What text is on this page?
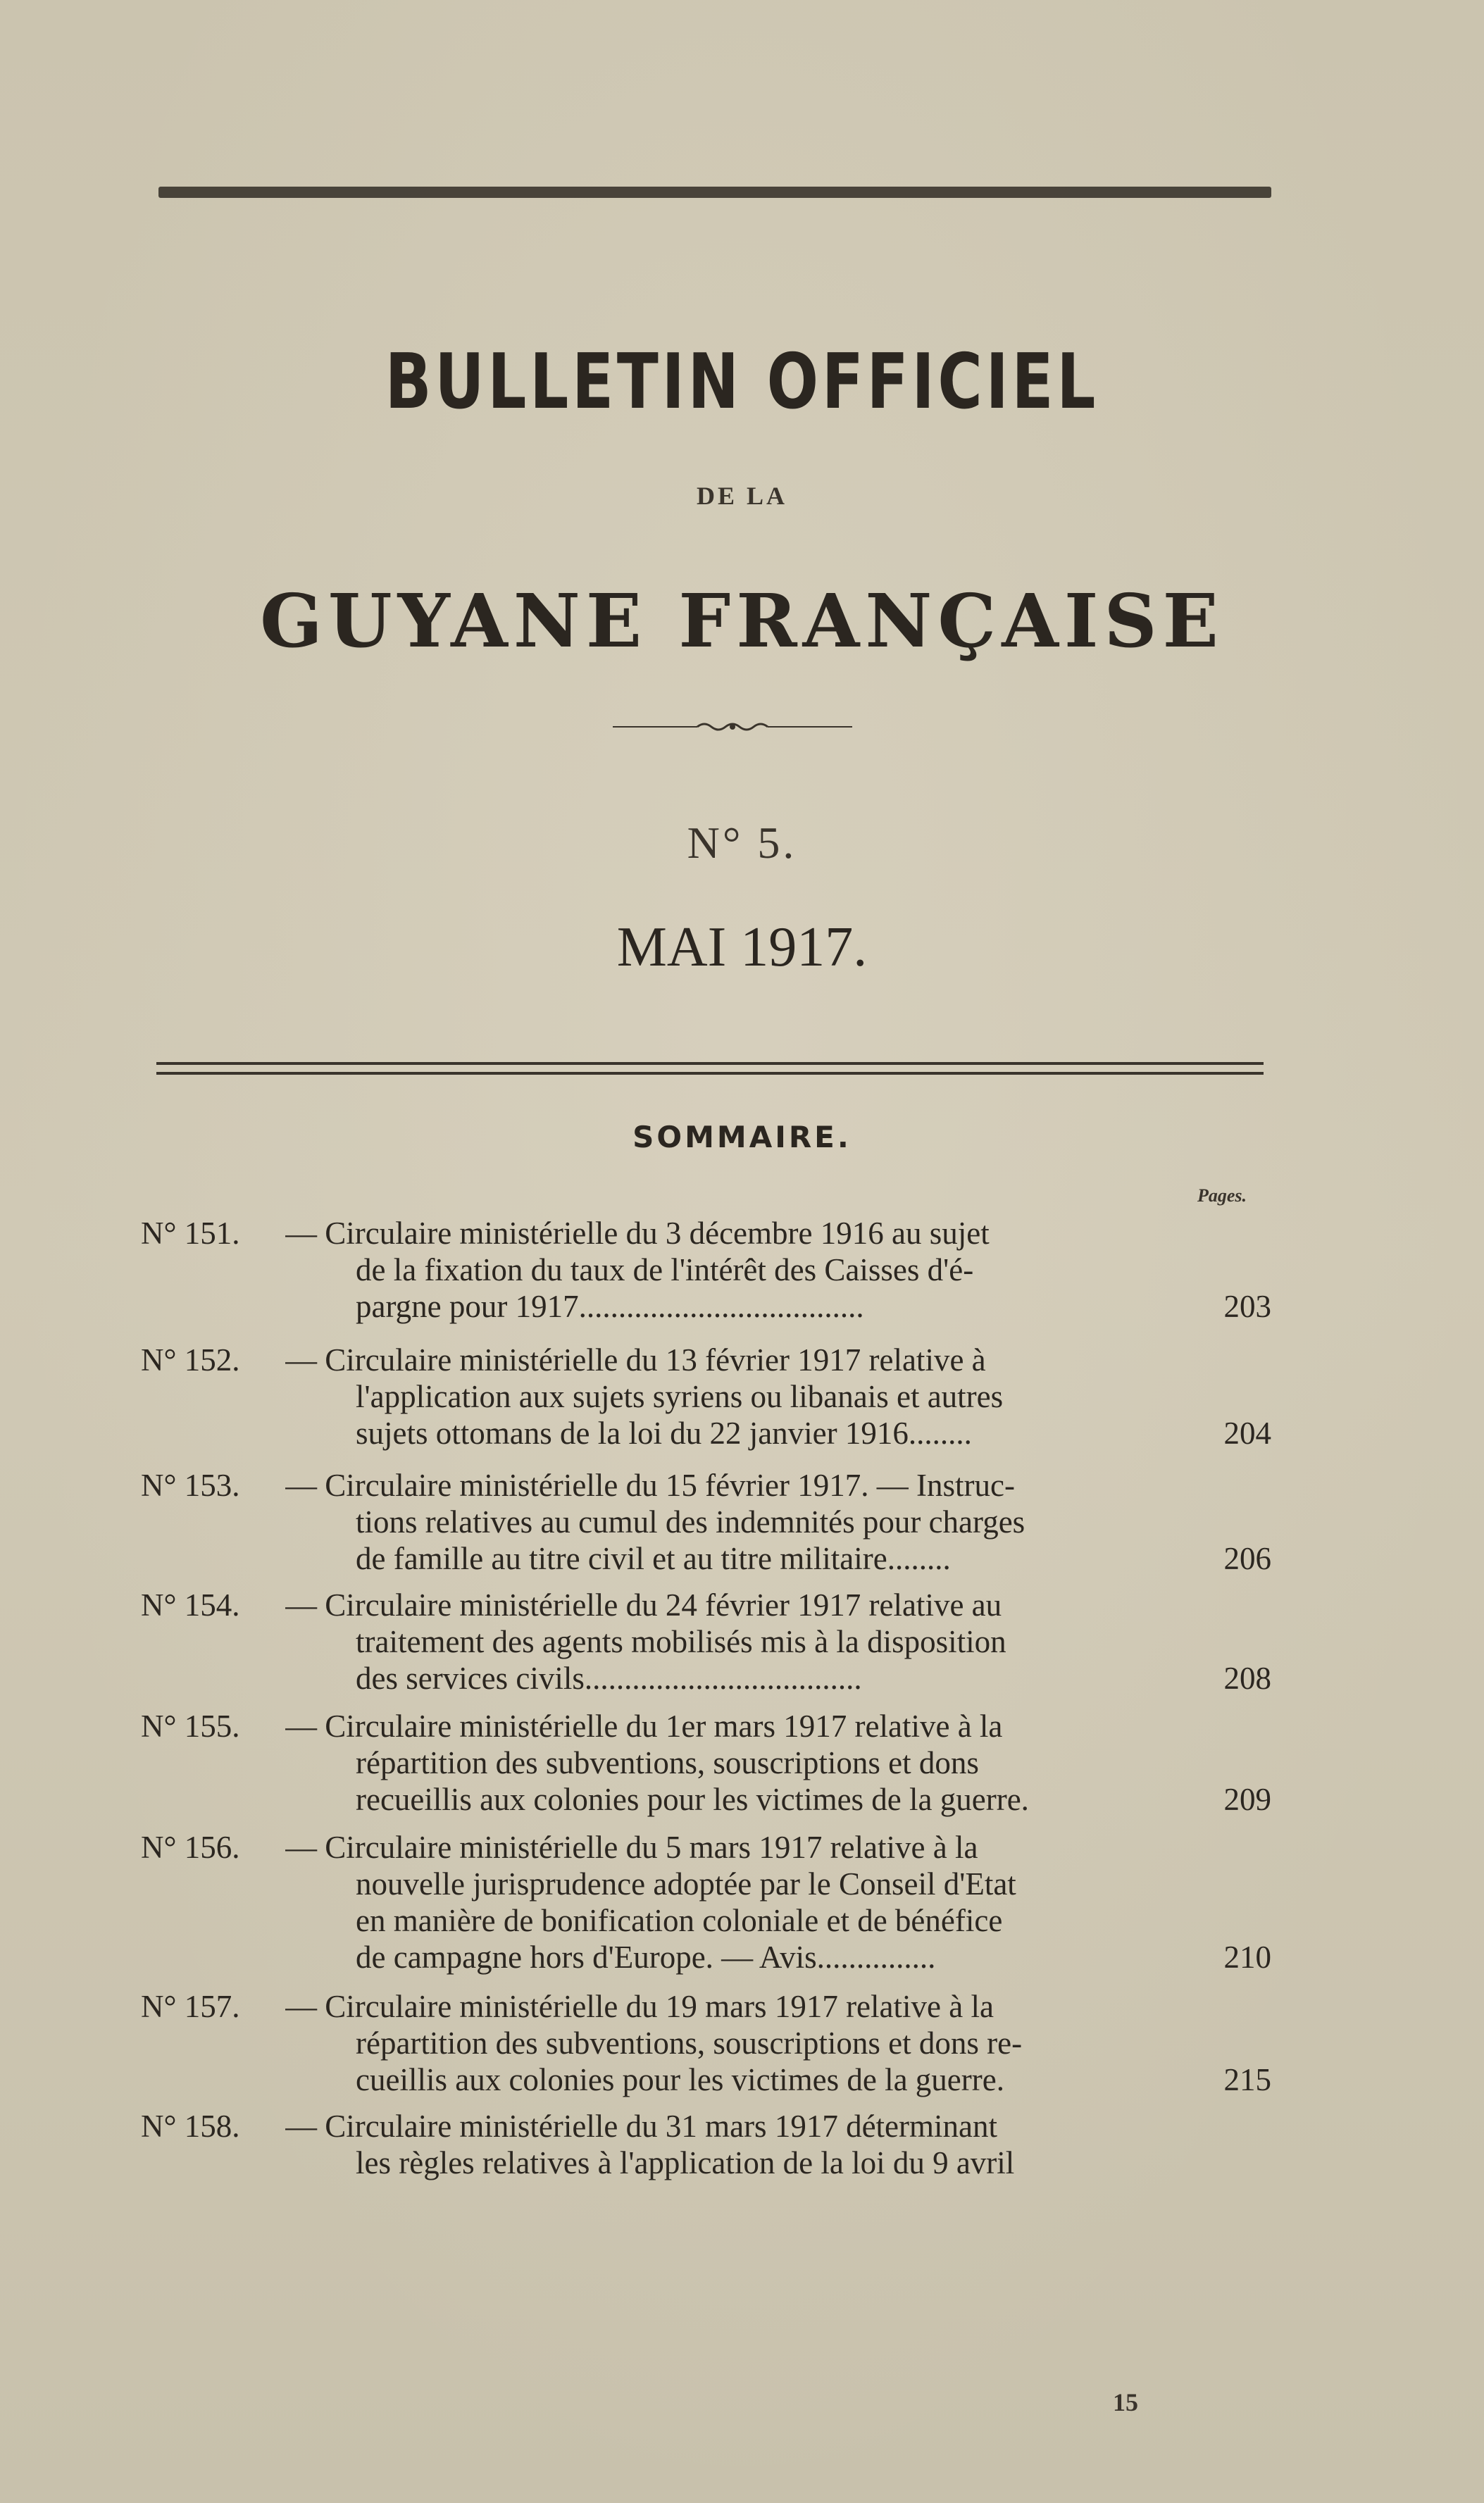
BULLETIN OFFICIEL
DE LA
GUYANE FRANÇAISE
N° 5.
MAI 1917.
SOMMAIRE.
Pages.
N° 151.	— Circulaire ministérielle du 3 décembre 1916 au sujet
de la fixation du taux de l'intérêt des Caisses d'é-
pargne pour 1917....................................	203
N° 152.	— Circulaire ministérielle du 13 février 1917 relative à
l'application aux sujets syriens ou libanais et autres
sujets ottomans de la loi du 22 janvier 1916........	204
N° 153.	— Circulaire ministérielle du 15 février 1917. — Instruc-
tions relatives au cumul des indemnités pour charges
de famille au titre civil et au titre militaire........	206
N° 154.	— Circulaire ministérielle du 24 février 1917 relative au
traitement des agents mobilisés mis à la disposition
des services civils...................................	208
N° 155.	— Circulaire ministérielle du 1er mars 1917 relative à la
répartition des subventions, souscriptions et dons
recueillis aux colonies pour les victimes de la guerre.	209
N° 156.	— Circulaire ministérielle du 5 mars 1917 relative à la
nouvelle jurisprudence adoptée par le Conseil d'Etat
en manière de bonification coloniale et de bénéfice
de campagne hors d'Europe. — Avis...............	210
N° 157.	— Circulaire ministérielle du 19 mars 1917 relative à la
répartition des subventions, souscriptions et dons re-
cueillis aux colonies pour les victimes de la guerre.	215
N° 158.	— Circulaire ministérielle du 31 mars 1917 déterminant
les règles relatives à l'application de la loi du 9 avril
15
